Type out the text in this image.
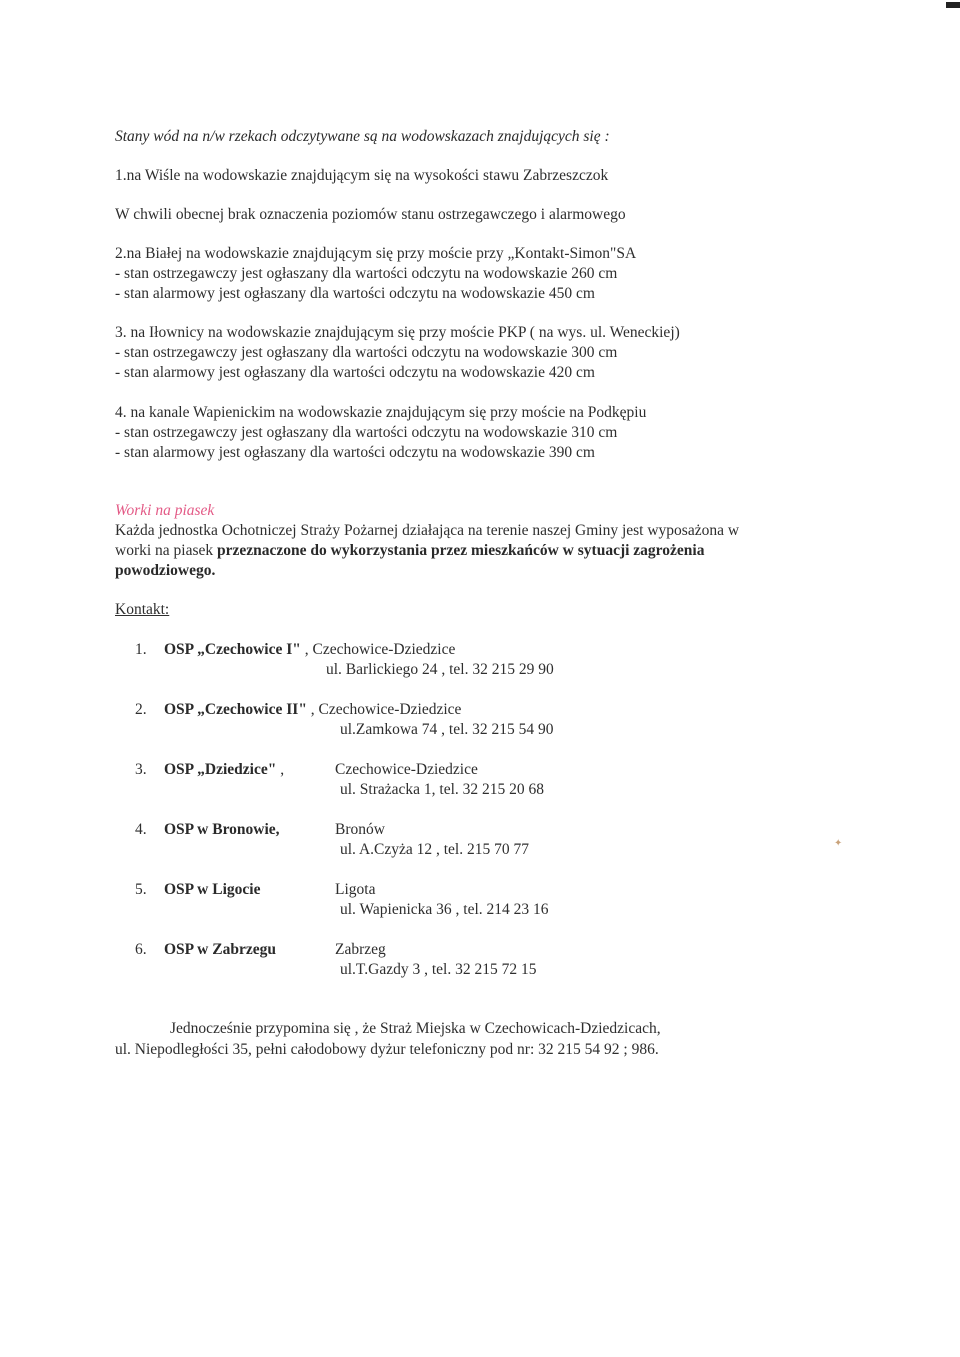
Stany wód na n/w rzekach odczytywane są na wodowskazach znajdujących się :
1.na Wiśle na wodowskazie znajdującym się na wysokości stawu Zabrzeszczok
W chwili obecnej brak oznaczenia poziomów stanu ostrzegawczego i alarmowego
2.na Białej na wodowskazie znajdującym się przy moście przy „Kontakt-Simon"SA
- stan ostrzegawczy jest ogłaszany dla wartości odczytu na wodowskazie 260 cm
- stan alarmowy jest ogłaszany dla wartości odczytu na wodowskazie 450 cm
3. na Iłownicy na wodowskazie znajdującym się przy moście PKP ( na wys. ul. Weneckiej)
- stan ostrzegawczy jest ogłaszany dla wartości odczytu na wodowskazie 300 cm
- stan alarmowy jest ogłaszany dla wartości odczytu na wodowskazie 420 cm
4. na kanale Wapienickim na wodowskazie znajdującym się przy moście na Podkępiu
- stan ostrzegawczy jest ogłaszany dla wartości odczytu na wodowskazie 310 cm
- stan alarmowy jest ogłaszany dla wartości odczytu na wodowskazie 390 cm
Worki na piasek
Każda jednostka Ochotniczej Straży Pożarnej działająca na terenie naszej Gminy jest wyposażona w
worki na piasek przeznaczone do wykorzystania przez mieszkańców w sytuacji zagrożenia
powodziowego.
Kontakt:
1. OSP „Czechowice I" , Czechowice-Dziedzice
ul. Barlickiego 24 , tel. 32 215 29 90
2. OSP „Czechowice II" , Czechowice-Dziedzice
ul.Zamkowa 74 , tel. 32 215 54 90
3. OSP „Dziedzice" ,	Czechowice-Dziedzice
ul. Strażacka 1, tel. 32 215 20 68
4. OSP w Bronowie,	Bronów
ul. A.Czyża 12 , tel. 215 70 77
5. OSP w Ligocie	Ligota
ul. Wapienicka 36 , tel. 214 23 16
6. OSP w Zabrzegu	Zabrzeg
ul.T.Gazdy 3 , tel. 32 215 72 15
Jednocześnie przypomina się , że Straż Miejska w Czechowicach-Dziedzicach,
ul. Niepodległości 35, pełni całodobowy dyżur telefoniczny pod nr: 32 215 54 92 ; 986.
✦
